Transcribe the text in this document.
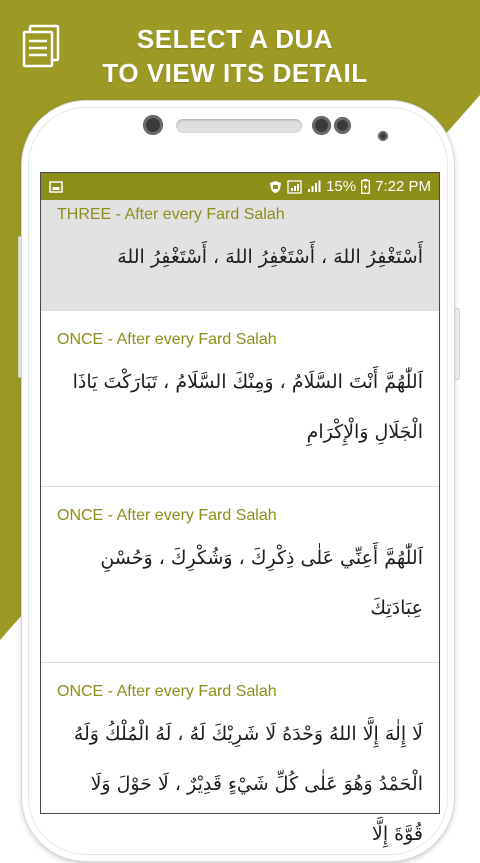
SELECT A DUA
TO VIEW ITS DETAIL
15% 7:22 PM
THREE - After every Fard Salah
أَسْتَغْفِرُ اللهَ ، أَسْتَغْفِرُ اللهَ ، أَسْتَغْفِرُ اللهَ
ONCE - After every Fard Salah
اَللّٰهُمَّ أَنْتَ السَّلَامُ ، وَمِنْكَ السَّلَامُ ، تَبَارَكْتَ يَاذَا الْجَلَالِ وَالْإِكْرَامِ
ONCE - After every Fard Salah
اَللّٰهُمَّ أَعِنِّي عَلٰى ذِكْرِكَ ، وَشُكْرِكَ ، وَحُسْنِ عِبَادَتِكَ
ONCE - After every Fard Salah
لَا إِلٰهَ إِلَّا اللهُ وَحْدَهُ لَا شَرِيْكَ لَهُ ، لَهُ الْمُلْكُ وَلَهُ الْحَمْدُ وَهُوَ عَلٰى كُلِّ شَيْءٍ قَدِيْرٌ ، لَا حَوْلَ وَلَا قُوَّةَ إِلَّا
